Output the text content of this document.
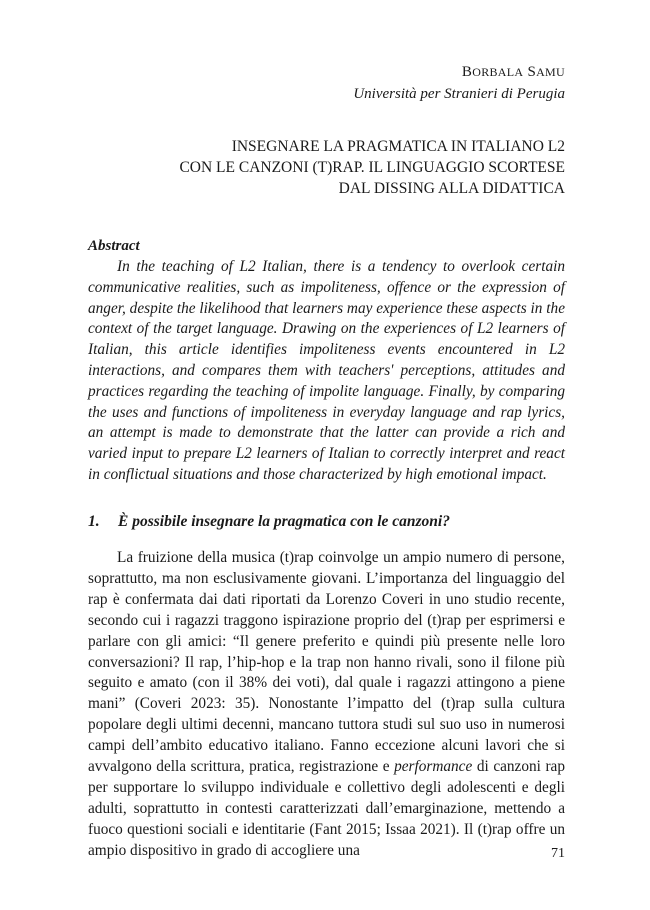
BORBALA SAMU
Università per Stranieri di Perugia
INSEGNARE LA PRAGMATICA IN ITALIANO L2
CON LE CANZONI (T)RAP. IL LINGUAGGIO SCORTESE
DAL DISSING ALLA DIDATTICA
Abstract

In the teaching of L2 Italian, there is a tendency to overlook certain communicative realities, such as impoliteness, offence or the expression of anger, despite the likelihood that learners may experience these aspects in the context of the target language. Drawing on the experiences of L2 learners of Italian, this article identifies impoliteness events encountered in L2 interactions, and compares them with teachers' perceptions, attitudes and practices regarding the teaching of impolite language. Finally, by comparing the uses and functions of impoliteness in everyday language and rap lyrics, an attempt is made to demonstrate that the latter can provide a rich and varied input to prepare L2 learners of Italian to correctly interpret and react in conflictual situations and those characterized by high emotional impact.

1. È possibile insegnare la pragmatica con le canzoni?

La fruizione della musica (t)rap coinvolge un ampio numero di persone, soprattutto, ma non esclusivamente giovani. L’importanza del linguaggio del rap è confermata dai dati riportati da Lorenzo Coveri in uno studio recente, secondo cui i ragazzi traggono ispirazione proprio del (t)rap per esprimersi e parlare con gli amici: “Il genere preferito e quindi più presente nelle loro conversazioni? Il rap, l’hip-hop e la trap non hanno rivali, sono il filone più seguito e amato (con il 38% dei voti), dal quale i ragazzi attingono a piene mani” (Coveri 2023: 35). Nonostante l’impatto del (t)rap sulla cultura popolare degli ultimi decenni, mancano tuttora studi sul suo uso in numerosi campi dell’ambito educativo italiano. Fanno eccezione alcuni lavori che si avvalgono della scrittura, pratica, registrazione e performance di canzoni rap per supportare lo sviluppo individuale e collettivo degli adolescenti e degli adulti, soprattutto in contesti caratterizzati dall’emarginazione, mettendo a fuoco questioni sociali e identitarie (Fant 2015; Issaa 2021). Il (t)rap offre un ampio dispositivo in grado di accogliere una	71
